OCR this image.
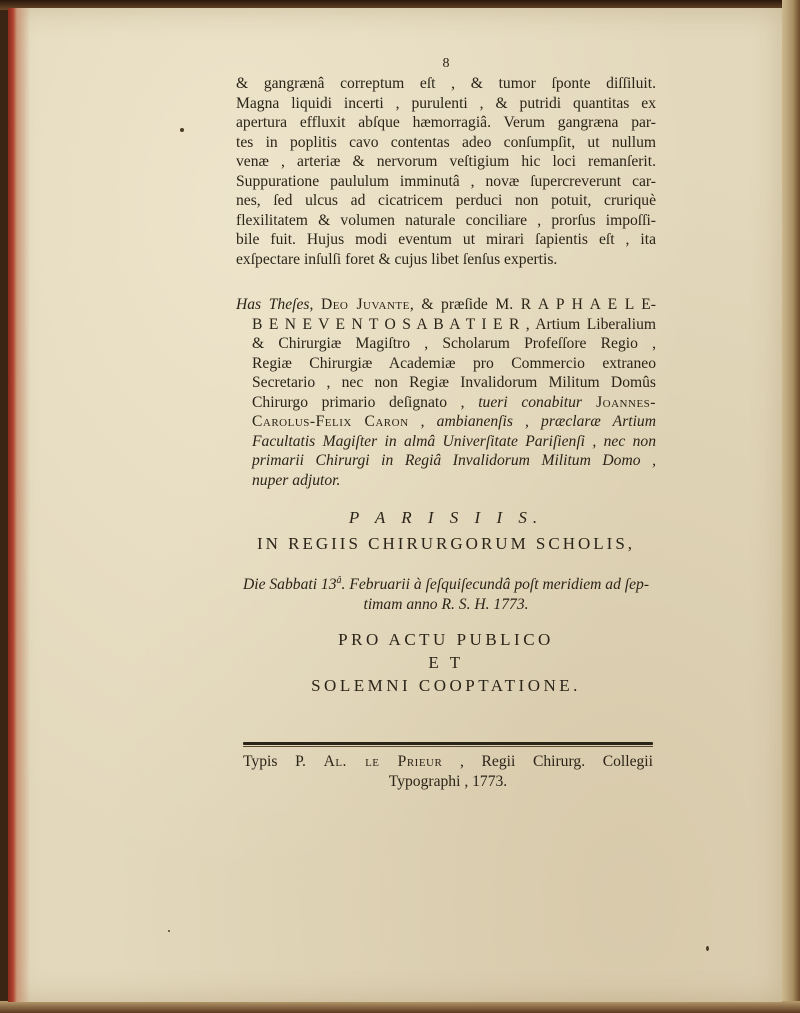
8
& gangrænâ correptum eſt , & tumor ſponte diſſiluit.
Magna liquidi incerti , purulenti , & putridi quantitas ex
apertura effluxit abſque hæmorragiâ. Verum gangræna par-
tes in poplitis cavo contentas adeo conſumpſit, ut nullum
venæ , arteriæ & nervorum veſtigium hic loci remanſerit.
Suppuratione paululum imminutâ , novæ ſupercreverunt car-
nes, ſed ulcus ad cicatricem perduci non potuit, cruriquè
flexilitatem & volumen naturale conciliare , prorſus impoſſi-
bile fuit. Hujus modi eventum ut mirari ſapientis eſt , ita
exſpectare inſulſi foret & cujus libet ſenſus expertis.
Has Theſes, Deo Juvante, & præſide M. R A P H A E L E-
B E N E V E N T O S A B A T I E R , Artium Liberalium
& Chirurgiæ Magiſtro , Scholarum Profeſſore Regio ,
Regiæ Chirurgiæ Academiæ pro Commercio extraneo
Secretario , nec non Regiæ Invalidorum Militum Domûs
Chirurgo primario deſignato , tueri conabitur Joannes-
Carolus-Felix Caron , ambianenſis , præclaræ Artium
Facultatis Magiſter in almâ Univerſitate Pariſienſi , nec non
primarii Chirurgi in Regiâ Invalidorum Militum Domo ,
nuper adjutor.
P A R I S I I S.
IN REGIIS CHIRURGORUM SCHOLIS,
Die Sabbati $13^â$. Februarii à ſeſquiſecundâ poſt meridiem ad ſep-
timam anno R. S. H. 1773.
PRO ACTU PUBLICO
E T
SOLEMNI COOPTATIONE.
Typis P. Al. le Prieur , Regii Chirurg. Collegii
Typographi , 1773.
